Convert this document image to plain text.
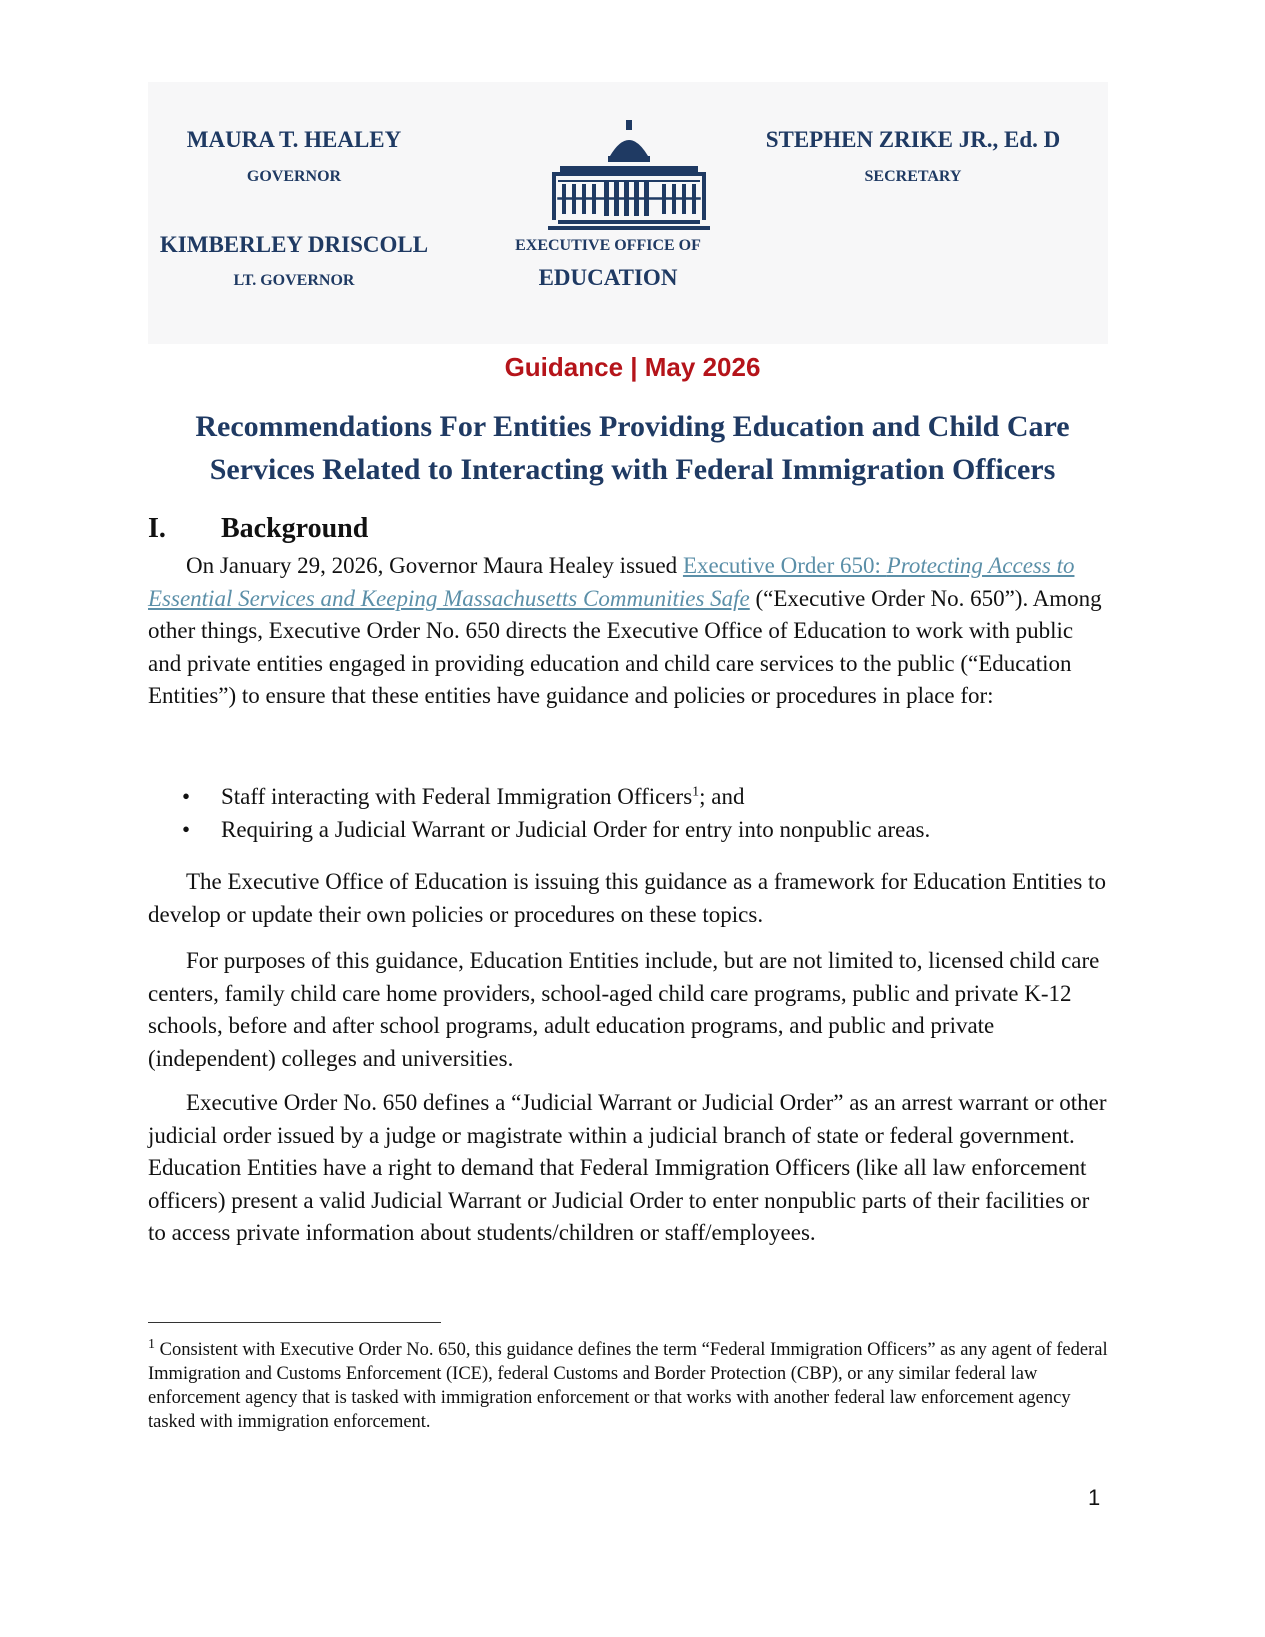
MAURA T. HEALEY
GOVERNOR
KIMBERLEY DRISCOLL
LT. GOVERNOR
STEPHEN ZRIKE JR., Ed. D
SECRETARY
EXECUTIVE OFFICE OF
EDUCATION
Guidance | May 2026
Recommendations For Entities Providing Education and Child Care
Services Related to Interacting with Federal Immigration Officers
I. Background

On January 29, 2026, Governor Maura Healey issued Executive Order 650: Protecting Access to Essential Services and Keeping Massachusetts Communities Safe (“Executive Order No. 650”). Among other things, Executive Order No. 650 directs the Executive Office of Education to work with public and private entities engaged in providing education and child care services to the public (“Education Entities”) to ensure that these entities have guidance and policies or procedures in place for:

• Staff interacting with Federal Immigration Officers$^1$; and
• Requiring a Judicial Warrant or Judicial Order for entry into nonpublic areas.

The Executive Office of Education is issuing this guidance as a framework for Education Entities to develop or update their own policies or procedures on these topics.

For purposes of this guidance, Education Entities include, but are not limited to, licensed child care centers, family child care home providers, school-aged child care programs, public and private K-12 schools, before and after school programs, adult education programs, and public and private (independent) colleges and universities.

Executive Order No. 650 defines a “Judicial Warrant or Judicial Order” as an arrest warrant or other judicial order issued by a judge or magistrate within a judicial branch of state or federal government. Education Entities have a right to demand that Federal Immigration Officers (like all law enforcement officers) present a valid Judicial Warrant or Judicial Order to enter nonpublic parts of their facilities or to access private information about students/children or staff/employees.

$^1$ Consistent with Executive Order No. 650, this guidance defines the term “Federal Immigration Officers” as any agent of federal Immigration and Customs Enforcement (ICE), federal Customs and Border Protection (CBP), or any similar federal law enforcement agency that is tasked with immigration enforcement or that works with another federal law enforcement agency tasked with immigration enforcement.

1
